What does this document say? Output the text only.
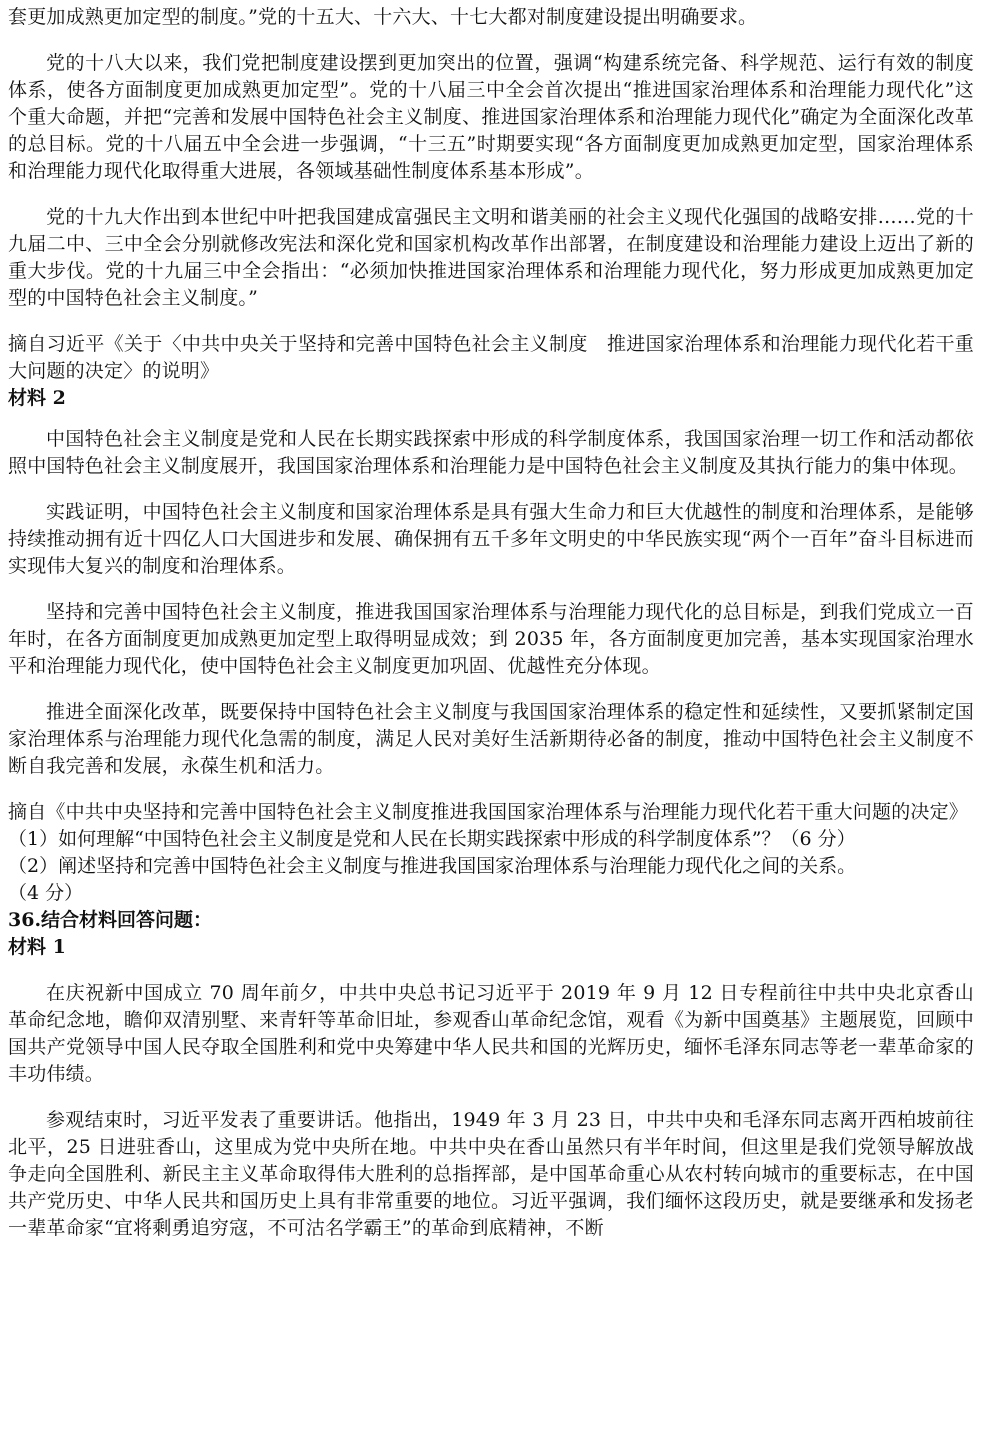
套更加成熟更加定型的制度。”党的十五大、十六大、十七大都对制度建设提出明确要求。

党的十八大以来，我们党把制度建设摆到更加突出的位置，强调“构建系统完备、科学规范、运行有效的制度体系，使各方面制度更加成熟更加定型”。党的十八届三中全会首次提出“推进国家治理体系和治理能力现代化”这个重大命题，并把“完善和发展中国特色社会主义制度、推进国家治理体系和治理能力现代化”确定为全面深化改革的总目标。党的十八届五中全会进一步强调，“十三五”时期要实现“各方面制度更加成熟更加定型，国家治理体系和治理能力现代化取得重大进展，各领域基础性制度体系基本形成”。

党的十九大作出到本世纪中叶把我国建成富强民主文明和谐美丽的社会主义现代化强国的战略安排……党的十九届二中、三中全会分别就修改宪法和深化党和国家机构改革作出部署，在制度建设和治理能力建设上迈出了新的重大步伐。党的十九届三中全会指出：“必须加快推进国家治理体系和治理能力现代化，努力形成更加成熟更加定型的中国特色社会主义制度。”

摘自习近平《关于〈中共中央关于坚持和完善中国特色社会主义制度　推进国家治理体系和治理能力现代化若干重大问题的决定〉的说明》

材料 2

中国特色社会主义制度是党和人民在长期实践探索中形成的科学制度体系，我国国家治理一切工作和活动都依照中国特色社会主义制度展开，我国国家治理体系和治理能力是中国特色社会主义制度及其执行能力的集中体现。

实践证明，中国特色社会主义制度和国家治理体系是具有强大生命力和巨大优越性的制度和治理体系，是能够持续推动拥有近十四亿人口大国进步和发展、确保拥有五千多年文明史的中华民族实现“两个一百年”奋斗目标进而实现伟大复兴的制度和治理体系。

坚持和完善中国特色社会主义制度，推进我国国家治理体系与治理能力现代化的总目标是，到我们党成立一百年时，在各方面制度更加成熟更加定型上取得明显成效；到 2035 年，各方面制度更加完善，基本实现国家治理水平和治理能力现代化，使中国特色社会主义制度更加巩固、优越性充分体现。

推进全面深化改革，既要保持中国特色社会主义制度与我国国家治理体系的稳定性和延续性，又要抓紧制定国家治理体系与治理能力现代化急需的制度，满足人民对美好生活新期待必备的制度，推动中国特色社会主义制度不断自我完善和发展，永葆生机和活力。

摘自《中共中央坚持和完善中国特色社会主义制度推进我国国家治理体系与治理能力现代化若干重大问题的决定》

（1）如何理解“中国特色社会主义制度是党和人民在长期实践探索中形成的科学制度体系”？（6 分）

（2）阐述坚持和完善中国特色社会主义制度与推进我国国家治理体系与治理能力现代化之间的关系。

（4 分）

36.结合材料回答问题：

材料 1

在庆祝新中国成立 70 周年前夕，中共中央总书记习近平于 2019 年 9 月 12 日专程前往中共中央北京香山革命纪念地，瞻仰双清别墅、来青轩等革命旧址，参观香山革命纪念馆，观看《为新中国奠基》主题展览，回顾中国共产党领导中国人民夺取全国胜利和党中央筹建中华人民共和国的光辉历史，缅怀毛泽东同志等老一辈革命家的丰功伟绩。

参观结束时，习近平发表了重要讲话。他指出，1949 年 3 月 23 日，中共中央和毛泽东同志离开西柏坡前往北平，25 日进驻香山，这里成为党中央所在地。中共中央在香山虽然只有半年时间，但这里是我们党领导解放战争走向全国胜利、新民主主义革命取得伟大胜利的总指挥部，是中国革命重心从农村转向城市的重要标志，在中国共产党历史、中华人民共和国历史上具有非常重要的地位。习近平强调，我们缅怀这段历史，就是要继承和发扬老一辈革命家“宜将剩勇追穷寇，不可沽名学霸王”的革命到底精神，不断
